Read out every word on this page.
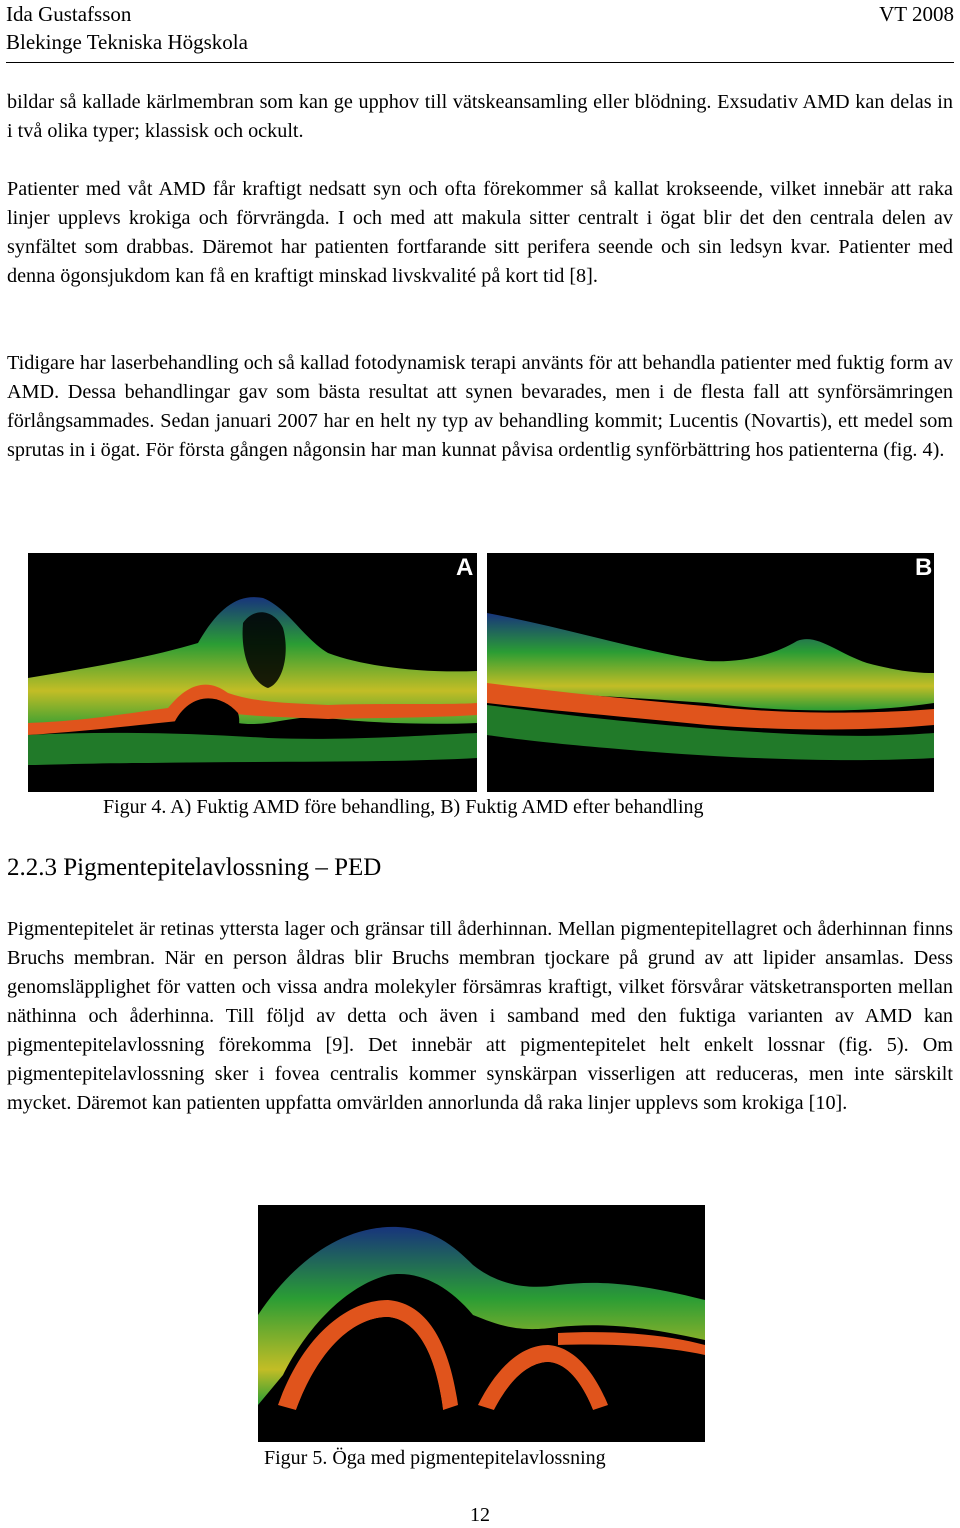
Ida Gustafsson
Blekinge Tekniska Högskola
VT 2008

bildar så kallade kärlmembran som kan ge upphov till vätskeansamling eller blödning. Exsudativ AMD kan delas in i två olika typer; klassisk och ockult.

Patienter med våt AMD får kraftigt nedsatt syn och ofta förekommer så kallat krokseende, vilket innebär att raka linjer upplevs krokiga och förvrängda. I och med att makula sitter centralt i ögat blir det den centrala delen av synfältet som drabbas. Däremot har patienten fortfarande sitt perifera seende och sin ledsyn kvar. Patienter med denna ögonsjukdom kan få en kraftigt minskad livskvalité på kort tid [8].

Tidigare har laserbehandling och så kallad fotodynamisk terapi använts för att behandla patienter med fuktig form av AMD. Dessa behandlingar gav som bästa resultat att synen bevarades, men i de flesta fall att synförsämringen förlångsammades. Sedan januari 2007 har en helt ny typ av behandling kommit; Lucentis (Novartis), ett medel som sprutas in i ögat. För första gången någonsin har man kunnat påvisa ordentlig synförbättring hos patienterna (fig. 4).

A	B

Figur 4. A) Fuktig AMD före behandling, B) Fuktig AMD efter behandling

2.2.3 Pigmentepitelavlossning – PED

Pigmentepitelet är retinas yttersta lager och gränsar till åderhinnan. Mellan pigmentepitellagret och åderhinnan finns Bruchs membran. När en person åldras blir Bruchs membran tjockare på grund av att lipider ansamlas. Dess genomsläpplighet för vatten och vissa andra molekyler försämras kraftigt, vilket försvårar vätsketransporten mellan näthinna och åderhinna. Till följd av detta och även i samband med den fuktiga varianten av AMD kan pigmentepitelavlossning förekomma [9]. Det innebär att pigmentepitelet helt enkelt lossnar (fig. 5). Om pigmentepitelavlossning sker i fovea centralis kommer synskärpan visserligen att reduceras, men inte särskilt mycket. Däremot kan patienten uppfatta omvärlden annorlunda då raka linjer upplevs som krokiga [10].

Figur 5. Öga med pigmentepitelavlossning

12
